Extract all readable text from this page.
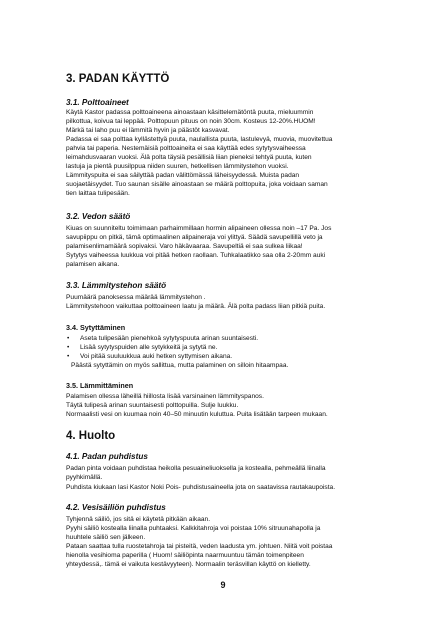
3. PADAN KÄYTTÖ
3.1. Polttoaineet
Käytä Kastor padassa polttoaineena ainoastaan käsittelemätöntä puuta, mieluummin
pilkottua, koivua tai leppää. Polttopuun pituus on noin 30cm. Kosteus 12-20%.HUOM!
Märkä tai laho puu ei lämmitä hyvin ja päästöt kasvavat.
Padassa ei saa polttaa kyllästettyä puuta, naulallista puuta, lastulevyä, muovia, muovitettua
pahvia tai paperia. Nestemäisiä polttoaineita ei saa käyttää edes sytytysvaiheessa
leimahdusvaaran vuoksi. Älä polta täysiä pesällisiä liian pieneksi tehtyä puuta, kuten
lastuja ja pientä puusilppua niiden suuren, hetkellisen lämmitystehon vuoksi.
Lämmityspuita ei saa säilyttää padan välittömässä läheisyydessä. Muista padan
suojaetäisyydet. Tuo saunan sisälle ainoastaan se määrä polttopuita, joka voidaan saman
tien laittaa tulipesään.
3.2. Vedon säätö
Kiuas on suunniteltu toimimaan parhaimmillaan hormin alipaineen ollessa noin –17 Pa. Jos
savupiippu on pitkä, tämä optimaalinen alipaineraja voi ylittyä. Säädä savupellillä veto ja
palamisenlimamäärä sopivaksi. Varo häkävaaraa. Savupeltiä ei saa sulkea liikaa!
Sytytys vaiheessa luukkua voi pitää hetken raollaan. Tuhkalaatikko saa olla 2-20mm auki
palamisen aikana.
3.3. Lämmitystehon säätö
Puumäärä panoksessa määrää lämmitystehon .
Lämmitystehoon vaikuttaa polttoaineen laatu ja määrä. Älä polta padass liian pitkiä puita.
3.4. Sytyttäminen
• Aseta tulipesään pienehkoä sytytyspuuta arinan suuntaisesti.
• Lisää sytytyspuiden alle sytykkeitä ja sytytä ne.
• Voi pitää suuluukkua auki hetken syttymisen aikana.
Päästä sytyttämin on myös sallittua, mutta palaminen on silloin hitaampaa.
3.5. Lämmittäminen
Palamisen ollessa läheillä hiillosta lisää varsinainen lämmityspanos.
Täytä tulipesä arinan suuntaisesti polttopuilla. Sulje luukku.
Normaalisti vesi on kuumaa noin 40–50 minuutin kuluttua. Puita lisätään tarpeen mukaan.
4. Huolto
4.1. Padan puhdistus
Padan pinta voidaan puhdistaa heikolla pesuaineliuoksella ja kostealla, pehmeällä liinalla
pyyhkimällä.
Puhdista kiukaan lasi Kastor Noki Pois- puhdistusaineella jota on saatavissa rautakaupoista.
4.2. Vesisäiliön puhdistus
Tyhjennä säiliö, jos sitä ei käytetä pitkään aikaan.
Pyyhi säiliö kostealla liinalla puhtaaksi. Kalkkitahroja voi poistaa 10% sitruunahapolla ja
huuhtele säiliö sen jälkeen.
Pataan saattaa tulla ruostetahroja tai pisteitä, veden laadusta ym. johtuen. Niitä voit poistaa
hienolla vesihioma paperilla ( Huom! säiliöpinta naarmuuntuu tämän toimenpiteen
yhteydessä,. tämä ei vaikuta kestävyyteen). Normaalin teräsvillan käyttö on kielletty.
9
